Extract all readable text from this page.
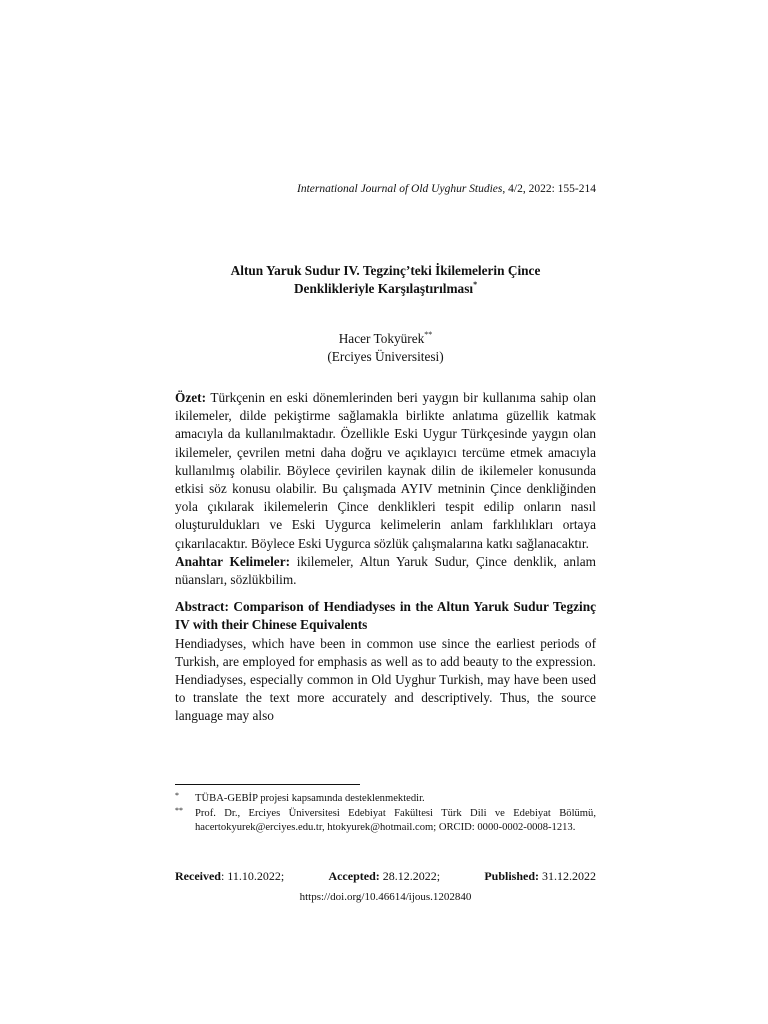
International Journal of Old Uyghur Studies, 4/2, 2022: 155-214
Altun Yaruk Sudur IV. Tegzinç’teki İkilemelerin Çince
Denklikleriyle Karşılaştırılması*
Hacer Tokyürek**
(Erciyes Üniversitesi)

Özet: Türkçenin en eski dönemlerinden beri yaygın bir kullanıma sahip olan ikilemeler, dilde pekiştirme sağlamakla birlikte anlatıma güzellik katmak amacıyla da kullanılmaktadır. Özellikle Eski Uygur Türkçesinde yaygın olan ikilemeler, çevrilen metni daha doğru ve açıklayıcı tercüme etmek amacıyla kullanılmış olabilir. Böylece çevirilen kaynak dilin de ikilemeler konusunda etkisi söz konusu olabilir. Bu çalışmada AYIV metninin Çince denkliğinden yola çıkılarak ikilemelerin Çince denklikleri tespit edilip onların nasıl oluşturuldukları ve Eski Uygurca kelimelerin anlam farklılıkları ortaya çıkarılacaktır. Böylece Eski Uygurca sözlük çalışmalarına katkı sağlanacaktır.

Anahtar Kelimeler: ikilemeler, Altun Yaruk Sudur, Çince denklik, anlam nüansları, sözlükbilim.

Abstract: Comparison of Hendiadyses in the Altun Yaruk Sudur Tegzinç IV with their Chinese Equivalents

Hendiadyses, which have been in common use since the earliest periods of Turkish, are employed for emphasis as well as to add beauty to the expression. Hendiadyses, especially common in Old Uyghur Turkish, may have been used to translate the text more accurately and descriptively. Thus, the source language may also

* TÜBA-GEBİP projesi kapsamında desteklenmektedir.
** Prof. Dr., Erciyes Üniversitesi Edebiyat Fakültesi Türk Dili ve Edebiyat Bölümü, hacertokyurek@erciyes.edu.tr, htokyurek@hotmail.com; ORCID: 0000-0002-0008-1213.
Received: 11.10.2022;	Accepted: 28.12.2022;	Published: 31.12.2022
https://doi.org/10.46614/ijous.1202840
